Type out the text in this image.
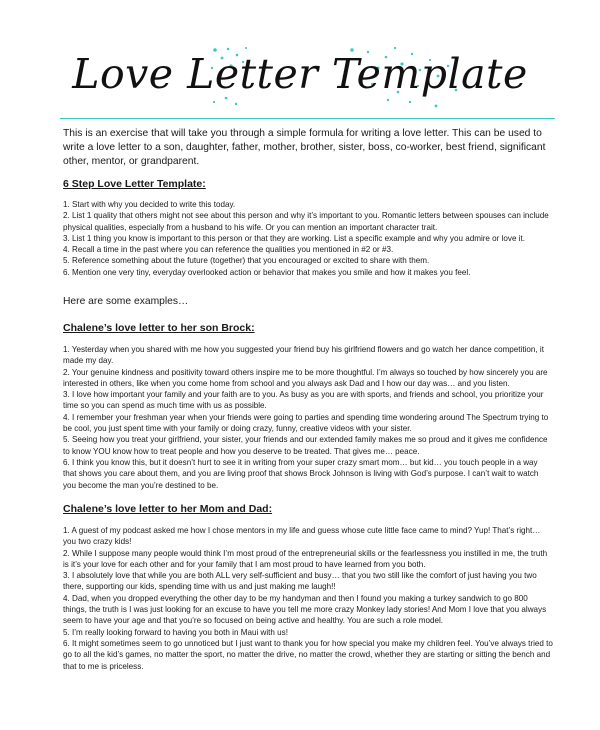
Love Letter Template
This is an exercise that will take you through a simple formula for writing a love letter. This can be used to write a love letter to a son, daughter, father, mother, brother, sister, boss, co-worker, best friend, significant other, mentor, or grandparent.
6 Step Love Letter Template:

1. Start with why you decided to write this today.

2. List 1 quality that others might not see about this person and why it’s important to you. Romantic letters between spouses can include physical qualities, especially from a husband to his wife. Or you can mention an important character trait.

3. List 1 thing you know is important to this person or that they are working. List a specific example and why you admire or love it.

4. Recall a time in the past where you can reference the qualities you mentioned in #2 or #3.

5. Reference something about the future (together) that you encouraged or excited to share with them.

6. Mention one very tiny, everyday overlooked action or behavior that makes you smile and how it makes you feel.

Here are some examples…
Chalene’s love letter to her son Brock:

1. Yesterday when you shared with me how you suggested your friend buy his girlfriend flowers and go watch her dance competition, it made my day.

2. Your genuine kindness and positivity toward others inspire me to be more thoughtful. I’m always so touched by how sincerely you are interested in others, like when you come home from school and you always ask Dad and I how our day was… and you listen.

3. I love how important your family and your faith are to you. As busy as you are with sports, and friends and school, you prioritize your time so you can spend as much time with us as possible.

4. I remember your freshman year when your friends were going to parties and spending time wondering around The Spectrum trying to be cool, you just spent time with your family or doing crazy, funny, creative videos with your sister.

5. Seeing how you treat your girlfriend, your sister, your friends and our extended family makes me so proud and it gives me confidence to know YOU know how to treat people and how you deserve to be treated. That gives me… peace.

6. I think you know this, but it doesn’t hurt to see it in writing from your super crazy smart mom… but kid… you touch people in a way that shows you care about them, and you are living proof that shows Brock Johnson is living with God’s purpose. I can’t wait to watch you become the man you’re destined to be.

Chalene’s love letter to her Mom and Dad:

1. A guest of my podcast asked me how I chose mentors in my life and guess whose cute little face came to mind? Yup! That’s right… you two crazy kids!

2. While I suppose many people would think I’m most proud of the entrepreneurial skills or the fearlessness you instilled in me, the truth is it’s your love for each other and for your family that I am most proud to have learned from you both.

3. I absolutely love that while you are both ALL very self-sufficient and busy… that you two still like the comfort of just having you two there, supporting our kids, spending time with us and just making me laugh!!

4. Dad, when you dropped everything the other day to be my handyman and then I found you making a turkey sandwich to go 800 things, the truth is I was just looking for an excuse to have you tell me more crazy Monkey lady stories! And Mom I love that you always seem to have your age and that you’re so focused on being active and healthy. You are such a role model.

5. I’m really looking forward to having you both in Maui with us!

6. It might sometimes seem to go unnoticed but I just want to thank you for how special you make my children feel. You’ve always tried to go to all the kid’s games, no matter the sport, no matter the drive, no matter the crowd, whether they are starting or sitting the bench and that to me is priceless.
